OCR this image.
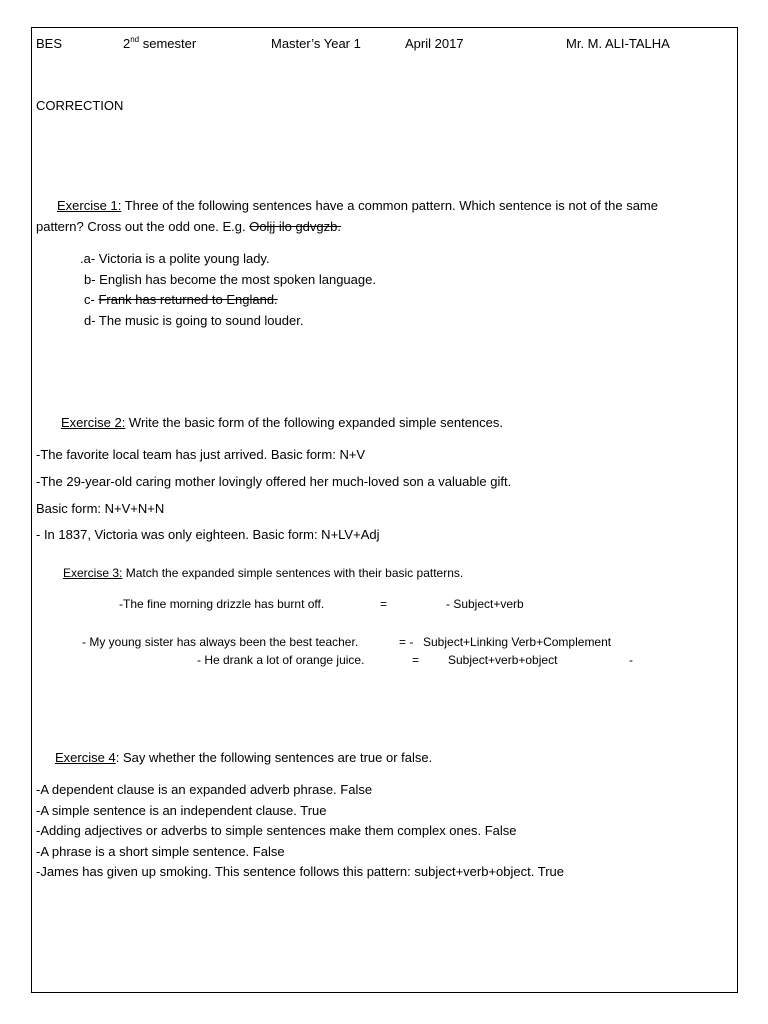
BES	2nd semester	Master’s Year 1	April 2017	Mr. M. ALI-TALHA
CORRECTION
Exercise 1: Three of the following sentences have a common pattern. Which sentence is not of the same
pattern? Cross out the odd one. E.g. Oolįj ilo gdvgzb.
.a- Victoria is a polite young lady.
b- English has become the most spoken language.
c- Frank has returned to England.
d- The music is going to sound louder.
Exercise 2: Write the basic form of the following expanded simple sentences.
-The favorite local team has just arrived. Basic form: N+V
-The 29-year-old caring mother lovingly offered her much-loved son a valuable gift.
Basic form: N+V+N+N
- In 1837, Victoria was only eighteen. Basic form: N+LV+Adj
Exercise 3: Match the expanded simple sentences with their basic patterns.
-The fine morning drizzle has burnt off.	=	- Subject+verb
- My young sister has always been the best teacher.	= - Subject+Linking Verb+Complement
- He drank a lot of orange juice.	= Subject+verb+object	-
Exercise 4: Say whether the following sentences are true or false.
-A dependent clause is an expanded adverb phrase. False
-A simple sentence is an independent clause. True
-Adding adjectives or adverbs to simple sentences make them complex ones. False
-A phrase is a short simple sentence. False
-James has given up smoking. This sentence follows this pattern: subject+verb+object. True
